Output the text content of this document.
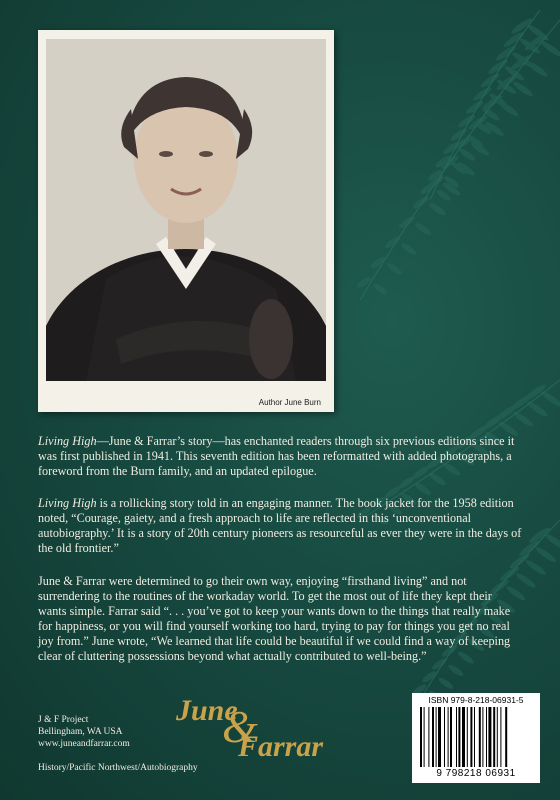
Author June Burn

Living High—June & Farrar’s story—has enchanted readers through six previous editions since it was first published in 1941. This seventh edition has been reformatted with added photographs, a foreword from the Burn family, and an updated epilogue.

Living High is a rollicking story told in an engaging manner. The book jacket for the 1958 edition noted, “Courage, gaiety, and a fresh approach to life are reflected in this ‘unconventional autobiography.’ It is a story of 20th century pioneers as resourceful as ever they were in the days of the old frontier.”

June & Farrar were determined to go their own way, enjoying “firsthand living” and not surrendering to the routines of the workaday world. To get the most out of life they kept their wants simple. Farrar said “. . . you’ve got to keep your wants down to the things that really make for happiness, or you will find yourself working too hard, trying to pay for things you get no real joy from.” June wrote, “We learned that life could be beautiful if we could find a way of keeping clear of cluttering possessions beyond what actually contributed to well-being.”

J & F Project
Bellingham, WA USA
www.juneandfarrar.com
History/Pacific Northwest/Autobiography
June
&
Farrar
ISBN 979-8-218-06931-5
9 798218 06931
